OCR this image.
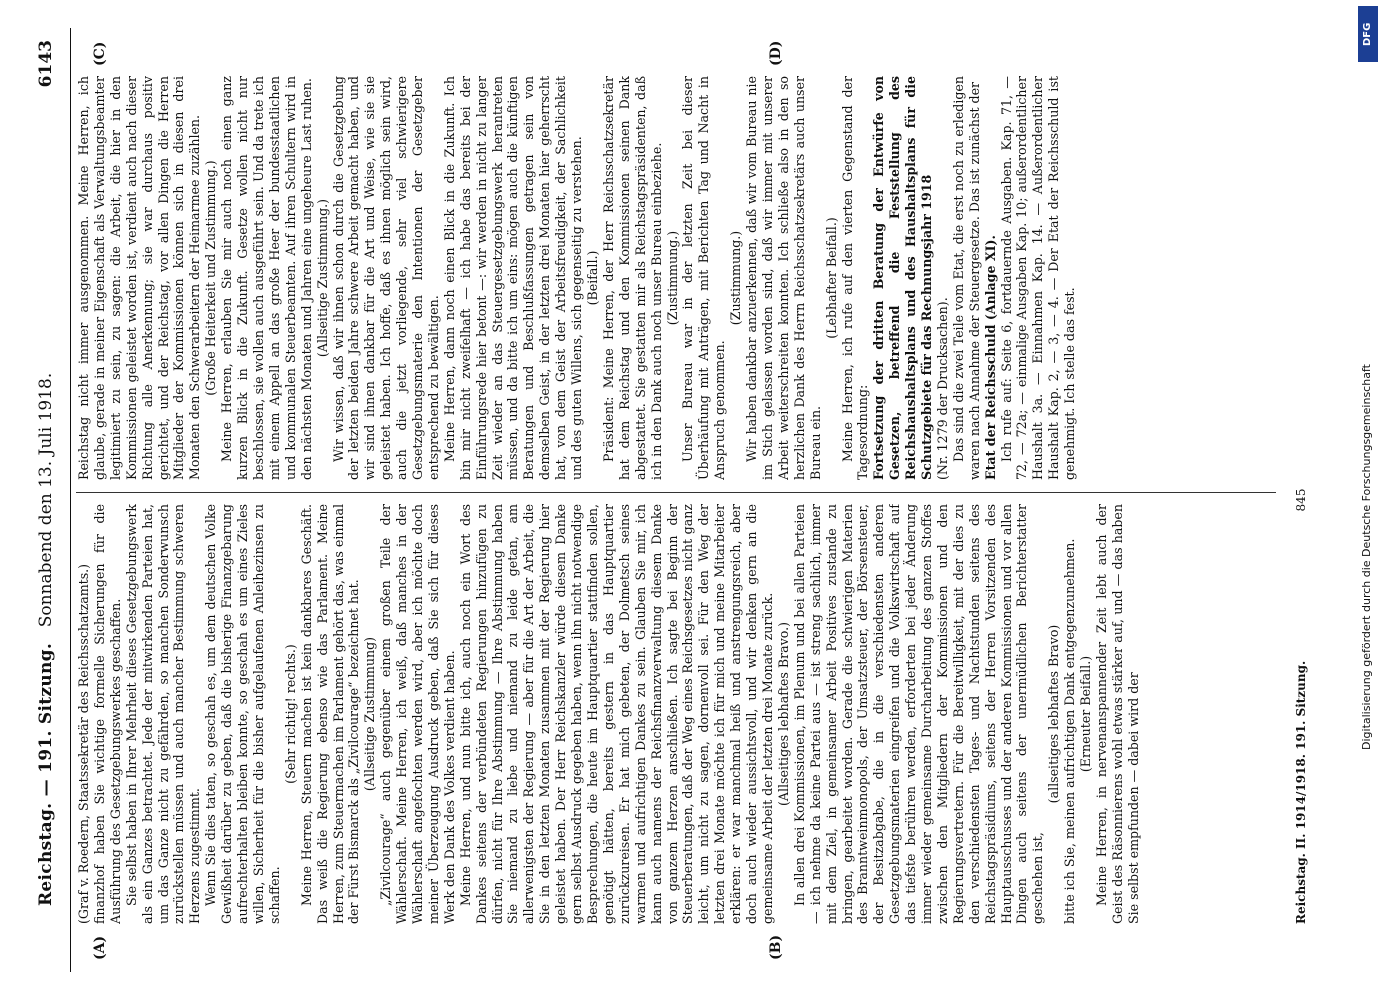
Reichstag. — 191. Sitzung.
Sonnabend den 13. Juli 1918.
6143
(A)	(B)
(C)	(D)

(Graf v. Roedern, Staatssekretär des Reichsschatzamts.) finanzhof haben Sie wichtige formelle Sicherungen für die Ausführung des Gesetzgebungswerkes geschaffen. Sie selbst haben in Ihrer Mehrheit dieses Gesetzgebungswerk als ein Ganzes betrachtet. Jede der mitwirkenden Parteien hat, um das Ganze nicht zu gefährden, so manchen Sonderwunsch zurückstellen müssen und auch mancher Bestimmung schweren Herzens zugestimmt. Wenn Sie dies taten, so geschah es, um dem deutschen Volke Gewißheit darüber zu geben, daß die bisherige Finanzgebarung aufrechterhalten bleiben konnte, so geschah es um eines Zieles willen, Sicherheit für die bisher aufgelaufenen Anleihezinsen zu schaffen.

(Sehr richtig! rechts.) Meine Herren, Steuern machen ist kein dankbares Geschäft. Das weiß die Regierung ebenso wie das Parlament. Meine Herren, zum Steuermachen im Parlament gehört das, was einmal der Fürst Bismarck als „Zivilcourage“ bezeichnet hat. (Allseitige Zustimmung) „Zivilcourage“ auch gegenüber einem großen Teile der Wählerschaft. Meine Herren, ich weiß, daß manches in der Wählerschaft angefochten werden wird, aber ich möchte doch meiner Überzeugung Ausdruck geben, daß Sie sich für dieses Werk den Dank des Volkes verdient haben. Meine Herren, und nun bitte ich, auch noch ein Wort des Dankes seitens der verbündeten Regierungen hinzufügen zu dürfen, nicht für Ihre Abstimmung — Ihre Abstimmung haben Sie niemand zu liebe und niemand zu leide getan, am allerwenigsten der Regierung — aber für die Art der Arbeit, die Sie in den letzten Monaten zusammen mit der Regierung hier geleistet haben. Der Herr Reichskanzler würde diesem Danke gern selbst Ausdruck gegeben haben, wenn ihn nicht notwendige Besprechungen, die heute im Hauptquartier stattfinden sollen, genötigt hätten, bereits gestern in das Hauptquartier zurückzureisen. Er hat mich gebeten, der Dolmetsch seines warmen und aufrichtigen Dankes zu sein. Glauben Sie mir, ich kann auch namens der Reichsfinanzverwaltung diesem Danke von ganzem Herzen anschließen. Ich sagte bei Beginn der Steuerberatungen, daß der Weg eines Reichsgesetzes nicht ganz leicht, um nicht zu sagen, dornenvoll sei. Für den Weg der letzten drei Monate möchte ich für mich und meine Mitarbeiter erklären: er war manchmal heiß und anstrengungsreich, aber doch auch wieder aussichtsvoll, und wir denken gern an die gemeinsame Arbeit der letzten drei Monate zurück. (Allseitiges lebhaftes Bravo.) In allen drei Kommissionen, im Plenum und bei allen Parteien — ich nehme da keine Partei aus — ist streng sachlich, immer mit dem Ziel, in gemeinsamer Arbeit Positives zustande zu bringen, gearbeitet worden. Gerade die schwierigen Materien des Branntweinmonopols, der Umsatzsteuer, der Börsensteuer, der Besitzabgabe, die in die verschiedensten anderen Gesetzgebungsmaterien eingreifen und die Volkswirtschaft auf das tiefste berühren werden, erforderten bei jeder Änderung immer wieder gemeinsame Durcharbeitung des ganzen Stoffes zwischen den Mitgliedern der Kommissionen und den Regierungsvertretern. Für die Bereitwilligkeit, mit der dies zu den verschiedensten Tages- und Nachtstunden seitens des Reichstagspräsidiums, seitens der Herren Vorsitzenden des Hauptausschusses und der anderen Kommissionen und vor allen Dingen auch seitens der unermüdlichen Berichterstatter geschehen ist,

(allseitiges lebhaftes Bravo) bitte ich Sie, meinen aufrichtigen Dank entgegenzunehmen. (Erneuter Beifall.) Meine Herren, in nervenanspannender Zeit lebt auch der Geist des Räsonnierens wohl etwas stärker auf, und — das haben Sie selbst empfunden — dabei wird der

Reichstag nicht immer ausgenommen. Meine Herren, ich glaube, gerade in meiner Eigenschaft als Verwaltungsbeamter legitimiert zu sein, zu sagen: die Arbeit, die hier in den Kommissionen geleistet worden ist, verdient auch nach dieser Richtung alle Anerkennung; sie war durchaus positiv gerichtet, und der Reichstag, vor allen Dingen die Herren Mitglieder der Kommissionen können sich in diesen drei Monaten den Schwerarbeitern der Heimarmee zuzählen. (Große Heiterkeit und Zustimmung.) Meine Herren, erlauben Sie mir auch noch einen ganz kurzen Blick in die Zukunft. Gesetze wollen nicht nur beschlossen, sie wollen auch ausgeführt sein. Und da trete ich mit einem Appell an das große Heer der bundesstaatlichen und kommunalen Steuerbeamten. Auf ihren Schultern wird in den nächsten Monaten und Jahren eine ungeheure Last ruhen. (Allseitige Zustimmung.) Wir wissen, daß wir ihnen schon durch die Gesetzgebung der letzten beiden Jahre schwere Arbeit gemacht haben, und wir sind ihnen dankbar für die Art und Weise, wie sie sie geleistet haben. Ich hoffe, daß es ihnen möglich sein wird, auch die jetzt vorliegende, sehr viel schwierigere Gesetzgebungsmaterie den Intentionen der Gesetzgeber entsprechend zu bewältigen. Meine Herren, dann noch einen Blick in die Zukunft. Ich bin mir nicht zweifelhaft — ich habe das bereits bei der Einführungsrede hier betont —: wir werden in nicht zu langer Zeit wieder an das Steuergesetzgebungswerk herantreten müssen, und da bitte ich um eins: mögen auch die künftigen Beratungen und Beschlußfassungen getragen sein von demselben Geist, in der letzten drei Monaten hier geherrscht hat, von dem Geist der Arbeitsfreudigkeit, der Sachlichkeit und des guten Willens, sich gegenseitig zu verstehen. (Beifall.) Präsident: Meine Herren, der Herr Reichsschatzsekretär hat dem Reichstag und den Kommissionen seinen Dank abgestattet. Sie gestatten mir als Reichstagspräsidenten, daß ich in den Dank auch noch unser Bureau einbeziehe. (Zustimmung.) Unser Bureau war in der letzten Zeit bei dieser Überhäufung mit Anträgen, mit Berichten Tag und Nacht in Anspruch genommen.

(Zustimmung.) Wir haben dankbar anzuerkennen, daß wir vom Bureau nie im Stich gelassen worden sind, daß wir immer mit unserer Arbeit weiterschreiten konnten. Ich schließe also in den so herzlichen Dank des Herrn Reichsschatzsekretärs auch unser Bureau ein.

(Lebhafter Beifall.) Meine Herren, ich rufe auf den vierten Gegenstand der Tagesordnung: Fortsetzung der dritten Beratung der Entwürfe von Gesetzen, betreffend die Feststellung des Reichshaushaltsplans und des Haushaltsplans für die Schutzgebiete für das Rechnungsjahr 1918 (Nr. 1279 der Drucksachen). Das sind die zwei Teile vom Etat, die erst noch zu erledigen waren nach Annahme der Steuergesetze. Das ist zunächst der Etat der Reichsschuld (Anlage XI). Ich rufe auf: Seite 6, fortdauernde Ausgaben. Kap. 71, — 72, — 72a; — einmalige Ausgaben Kap. 10; außerordentlicher Haushalt 3a. — Einnahmen Kap. 14. — Außerordentlicher Haushalt Kap. 2, — 3, — 4. — Der Etat der Reichsschuld ist genehmigt. Ich stelle das fest.

Reichstag. II. 1914/1918. 191. Sitzung.
845
DFG
Digitalisierung gefördert durch die Deutsche Forschungsgemeinschaft
